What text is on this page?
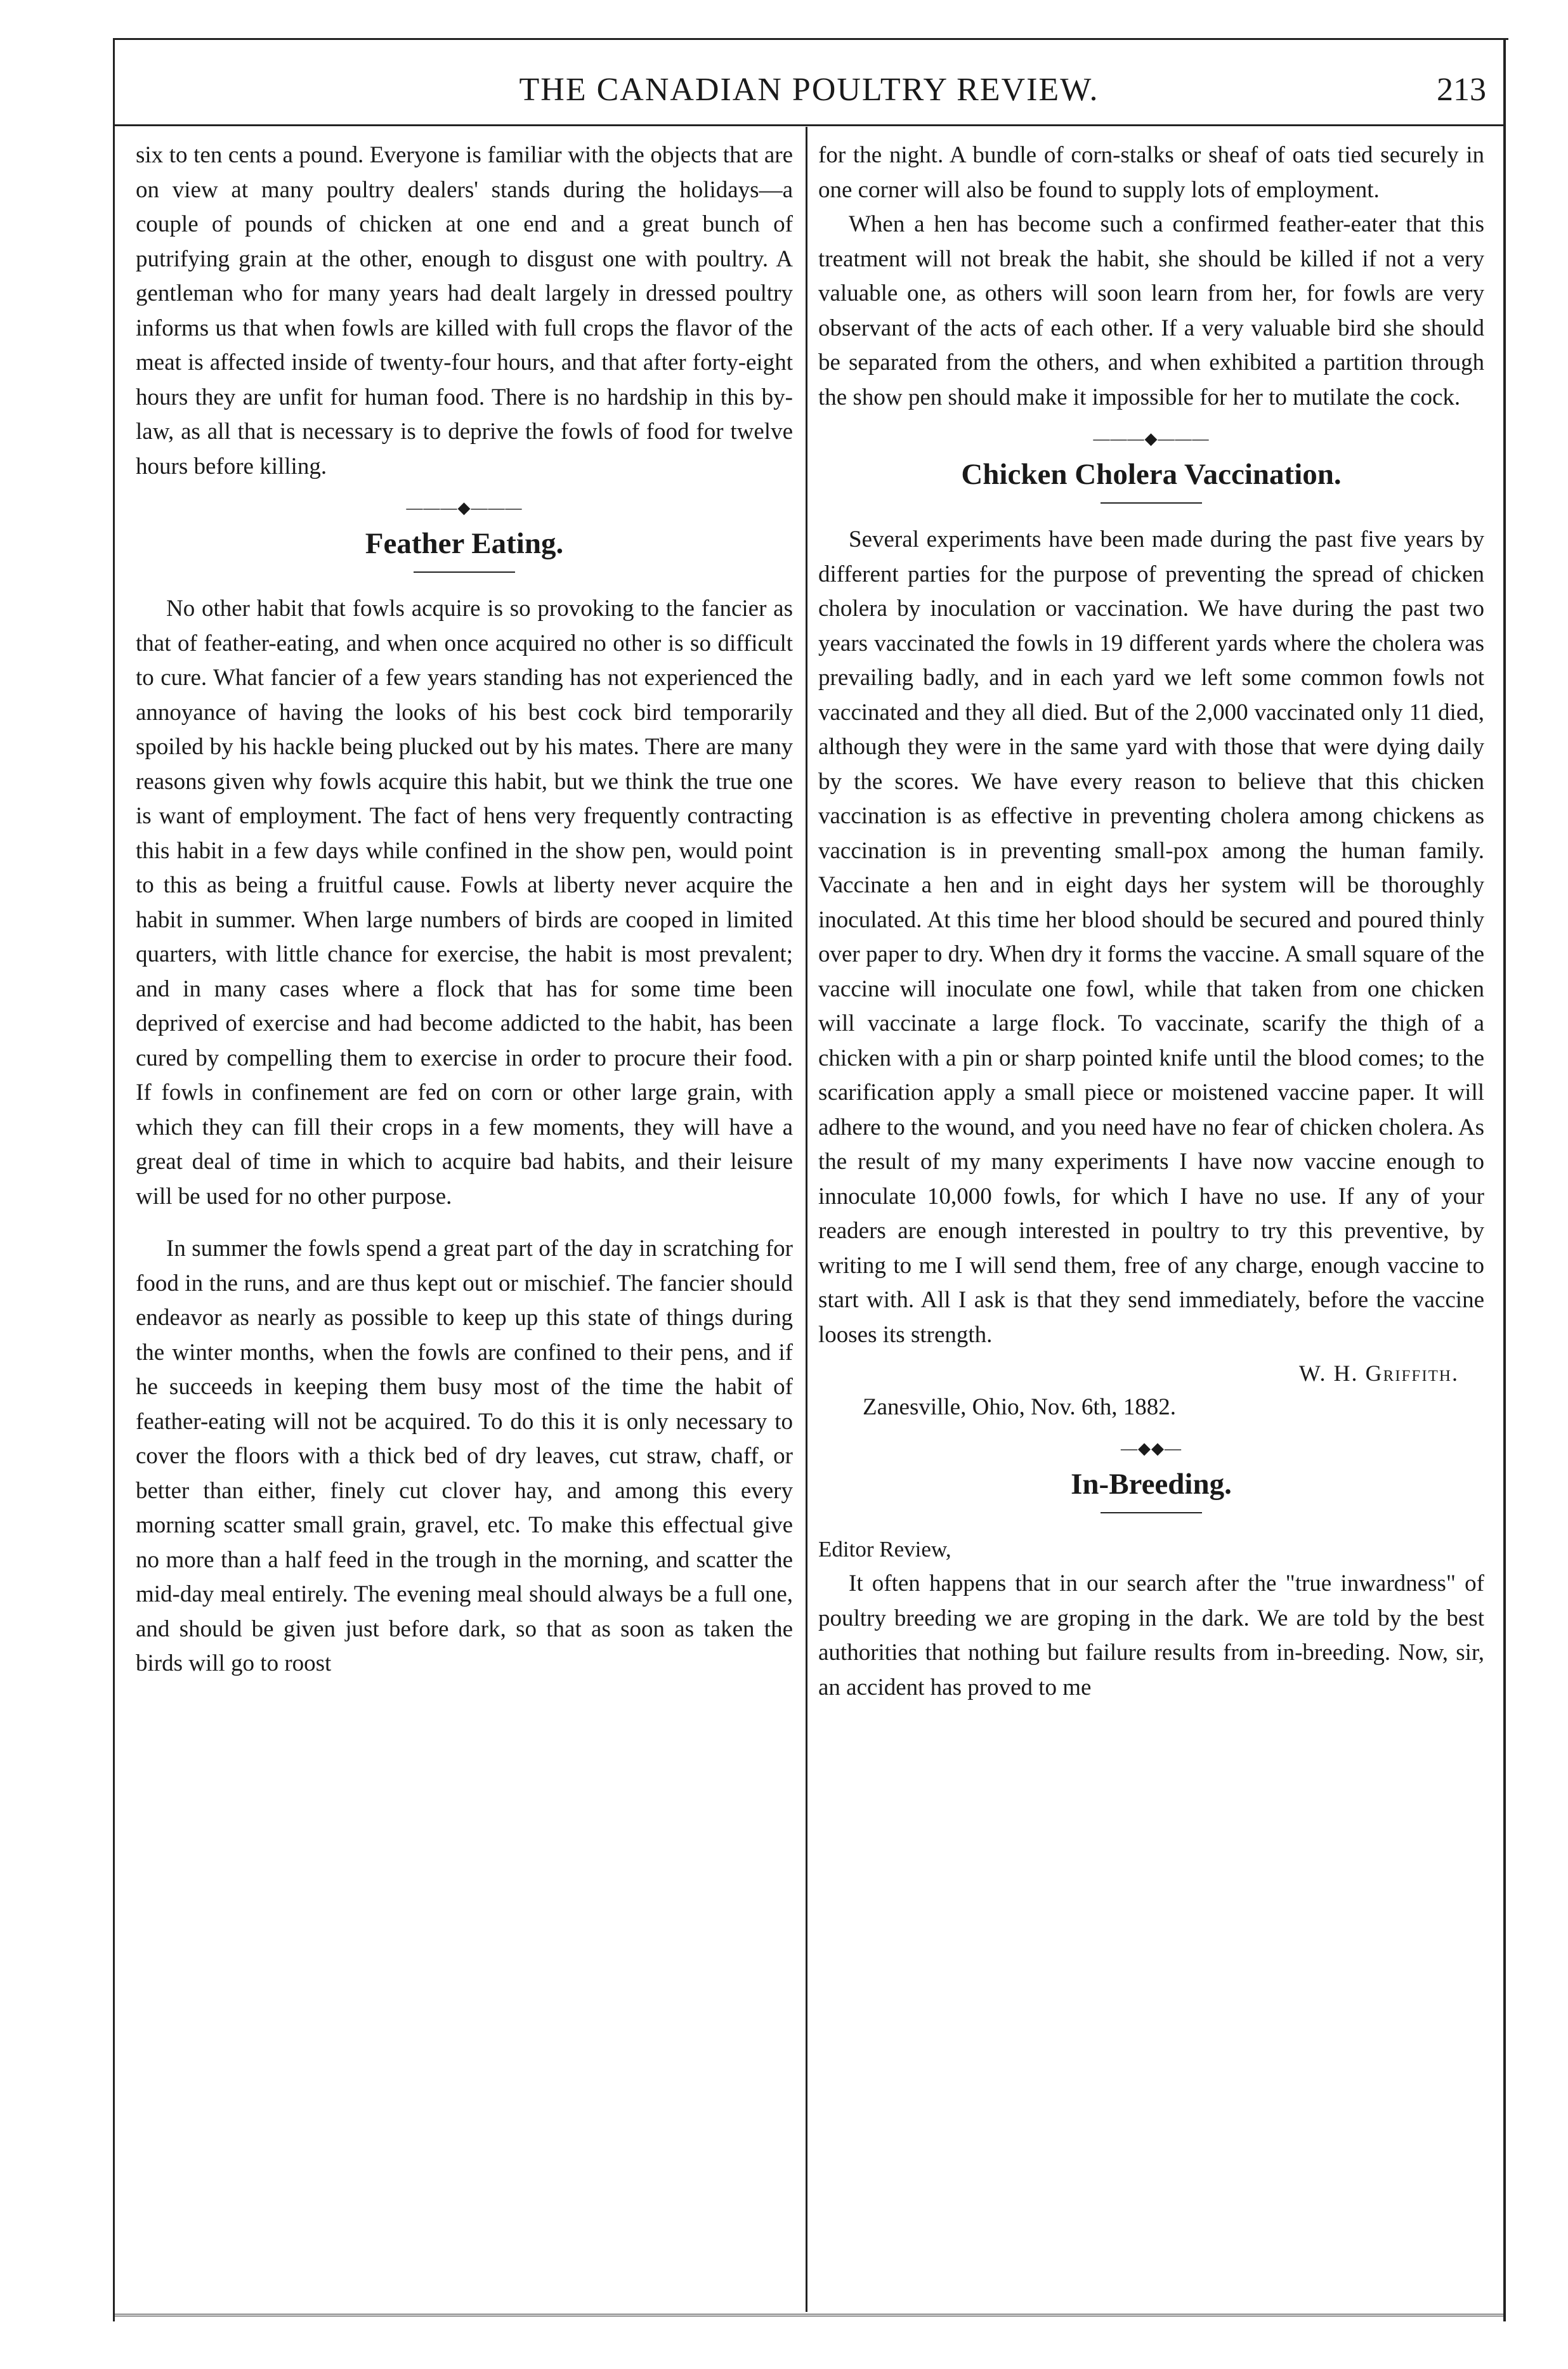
THE CANADIAN POULTRY REVIEW.	213

six to ten cents a pound. Everyone is familiar with the objects that are on view at many poultry dealers' stands during the holidays—a couple of pounds of chicken at one end and a great bunch of putrifying grain at the other, enough to disgust one with poultry. A gentleman who for many years had dealt largely in dressed poultry informs us that when fowls are killed with full crops the flavor of the meat is affected inside of twenty-four hours, and that after forty-eight hours they are unfit for human food. There is no hardship in this by-law, as all that is necessary is to deprive the fowls of food for twelve hours before killing.

———◆———
Feather Eating.

No other habit that fowls acquire is so provoking to the fancier as that of feather-eating, and when once acquired no other is so difficult to cure. What fancier of a few years standing has not experienced the annoyance of having the looks of his best cock bird temporarily spoiled by his hackle being plucked out by his mates. There are many reasons given why fowls acquire this habit, but we think the true one is want of employment. The fact of hens very frequently contracting this habit in a few days while confined in the show pen, would point to this as being a fruitful cause. Fowls at liberty never acquire the habit in summer. When large numbers of birds are cooped in limited quarters, with little chance for exercise, the habit is most prevalent; and in many cases where a flock that has for some time been deprived of exercise and had become addicted to the habit, has been cured by compelling them to exercise in order to procure their food. If fowls in confinement are fed on corn or other large grain, with which they can fill their crops in a few moments, they will have a great deal of time in which to acquire bad habits, and their leisure will be used for no other purpose.

In summer the fowls spend a great part of the day in scratching for food in the runs, and are thus kept out or mischief. The fancier should endeavor as nearly as possible to keep up this state of things during the winter months, when the fowls are confined to their pens, and if he succeeds in keeping them busy most of the time the habit of feather-eating will not be acquired. To do this it is only necessary to cover the floors with a thick bed of dry leaves, cut straw, chaff, or better than either, finely cut clover hay, and among this every morning scatter small grain, gravel, etc. To make this effectual give no more than a half feed in the trough in the morning, and scatter the mid-day meal entirely. The evening meal should always be a full one, and should be given just before dark, so that as soon as taken the birds will go to roost

for the night. A bundle of corn-stalks or sheaf of oats tied securely in one corner will also be found to supply lots of employment.

When a hen has become such a confirmed feather-eater that this treatment will not break the habit, she should be killed if not a very valuable one, as others will soon learn from her, for fowls are very observant of the acts of each other. If a very valuable bird she should be separated from the others, and when exhibited a partition through the show pen should make it impossible for her to mutilate the cock.

———◆———
Chicken Cholera Vaccination.

Several experiments have been made during the past five years by different parties for the purpose of preventing the spread of chicken cholera by inoculation or vaccination. We have during the past two years vaccinated the fowls in 19 different yards where the cholera was prevailing badly, and in each yard we left some common fowls not vaccinated and they all died. But of the 2,000 vaccinated only 11 died, although they were in the same yard with those that were dying daily by the scores. We have every reason to believe that this chicken vaccination is as effective in preventing cholera among chickens as vaccination is in preventing small-pox among the human family. Vaccinate a hen and in eight days her system will be thoroughly inoculated. At this time her blood should be secured and poured thinly over paper to dry. When dry it forms the vaccine. A small square of the vaccine will inoculate one fowl, while that taken from one chicken will vaccinate a large flock. To vaccinate, scarify the thigh of a chicken with a pin or sharp pointed knife until the blood comes; to the scarification apply a small piece or moistened vaccine paper. It will adhere to the wound, and you need have no fear of chicken cholera. As the result of my many experiments I have now vaccine enough to innoculate 10,000 fowls, for which I have no use. If any of your readers are enough interested in poultry to try this preventive, by writing to me I will send them, free of any charge, enough vaccine to start with. All I ask is that they send immediately, before the vaccine looses its strength.

W. H. Griffith.
Zanesville, Ohio, Nov. 6th, 1882.
—◆◆—
In-Breeding.
Editor Review,

It often happens that in our search after the "true inwardness" of poultry breeding we are groping in the dark. We are told by the best authorities that nothing but failure results from in-breeding. Now, sir, an accident has proved to me
